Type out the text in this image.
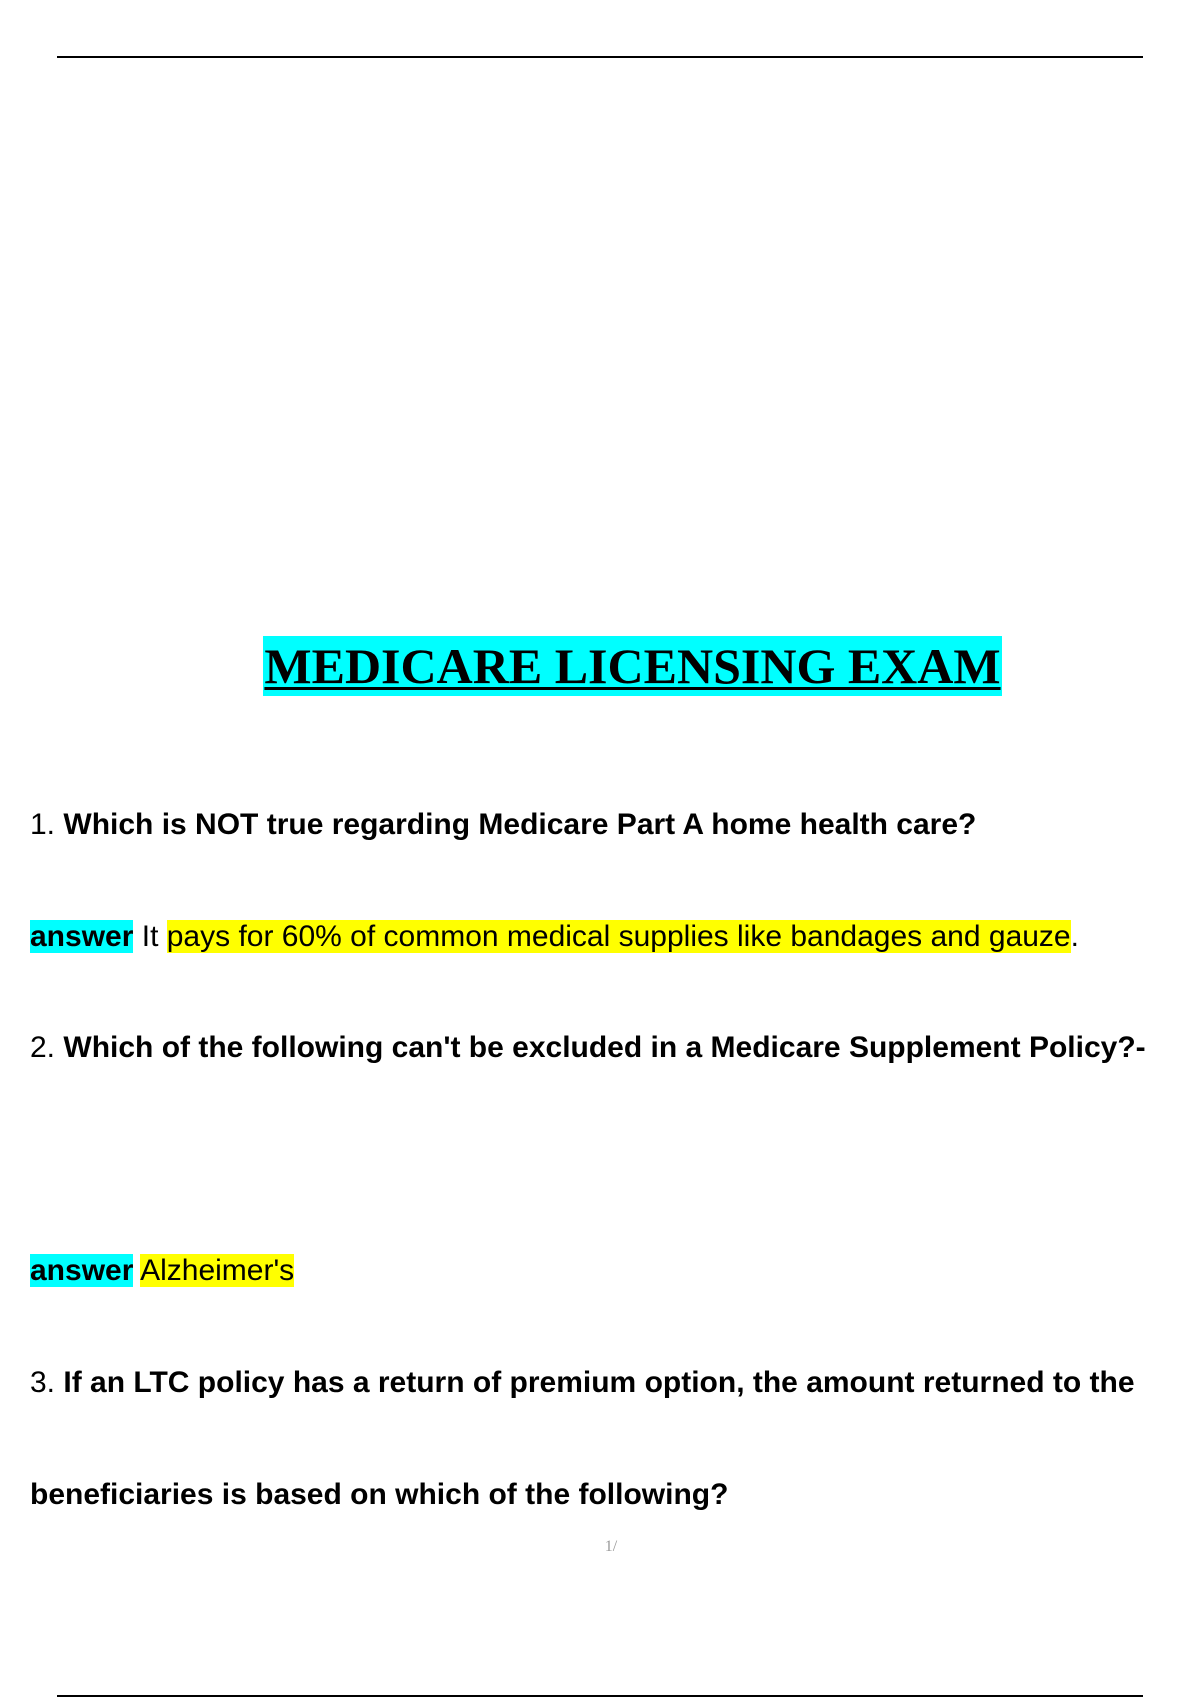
MEDICARE LICENSING EXAM
1. Which is NOT true regarding Medicare Part A home health care?
answer It pays for 60% of common medical supplies like bandages and gauze.
2. Which of the following can't be excluded in a Medicare Supplement Policy?-
answer Alzheimer's
3. If an LTC policy has a return of premium option, the amount returned to the
beneficiaries is based on which of the following?
1/
